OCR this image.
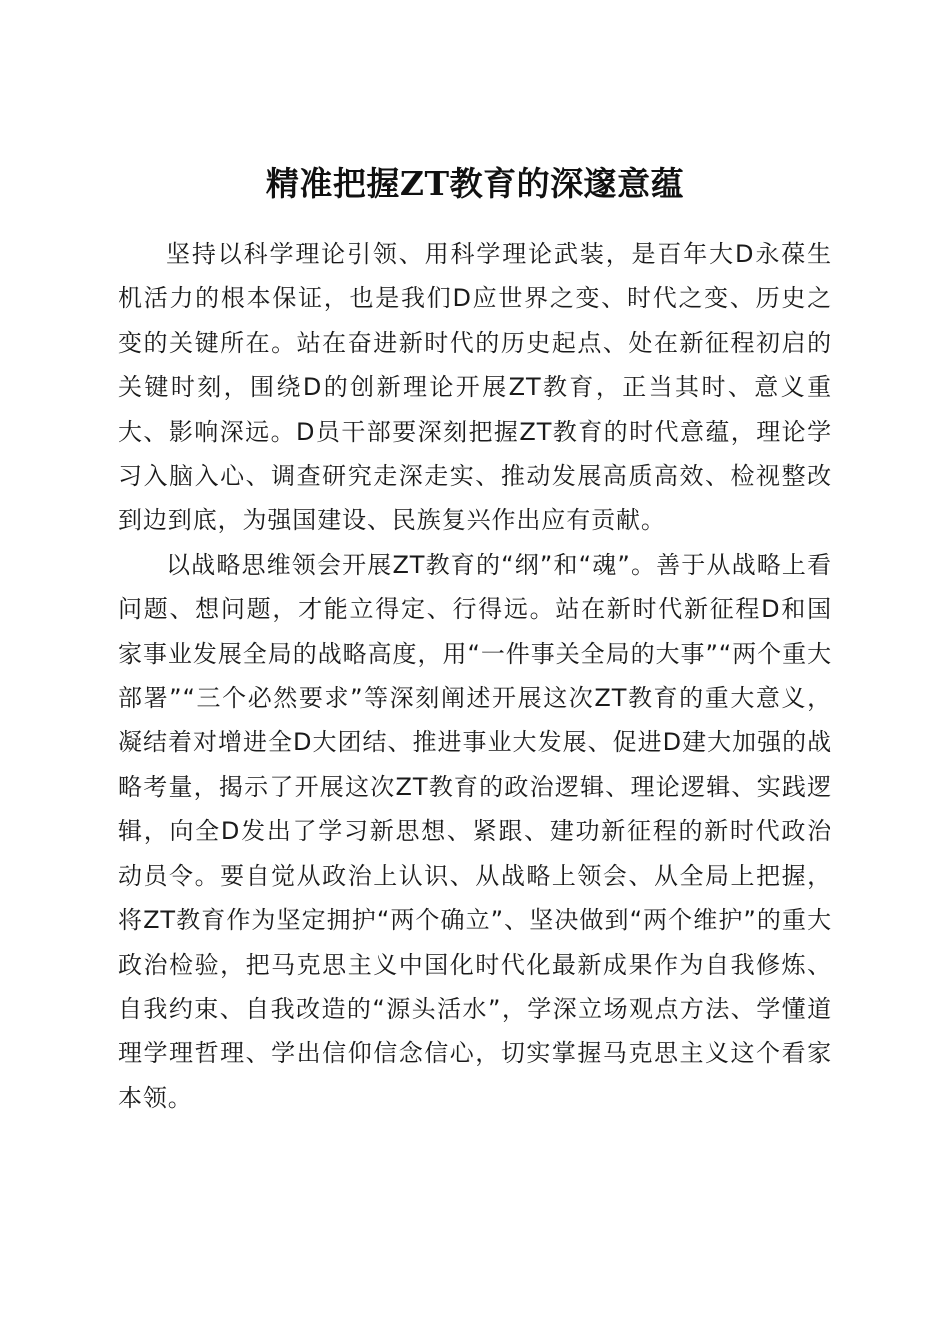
精准把握ZT教育的深邃意蕴

坚持以科学理论引领、用科学理论武装，是百年大D永葆生机活力的根本保证，也是我们D应世界之变、时代之变、历史之变的关键所在。站在奋进新时代的历史起点、处在新征程初启的关键时刻，围绕D的创新理论开展ZT教育，正当其时、意义重大、影响深远。D员干部要深刻把握ZT教育的时代意蕴，理论学习入脑入心、调查研究走深走实、推动发展高质高效、检视整改到边到底，为强国建设、民族复兴作出应有贡献。

以战略思维领会开展ZT教育的“纲”和“魂”。善于从战略上看问题、想问题，才能立得定、行得远。站在新时代新征程D和国家事业发展全局的战略高度，用“一件事关全局的大事”“两个重大部署”“三个必然要求”等深刻阐述开展这次ZT教育的重大意义，凝结着对增进全D大团结、推进事业大发展、促进D建大加强的战略考量，揭示了开展这次ZT教育的政治逻辑、理论逻辑、实践逻辑，向全D发出了学习新思想、紧跟、建功新征程的新时代政治动员令。要自觉从政治上认识、从战略上领会、从全局上把握，将ZT教育作为坚定拥护“两个确立”、坚决做到“两个维护”的重大政治检验，把马克思主义中国化时代化最新成果作为自我修炼、自我约束、自我改造的“源头活水”，学深立场观点方法、学懂道理学理哲理、学出信仰信念信心，切实掌握马克思主义这个看家本领。
